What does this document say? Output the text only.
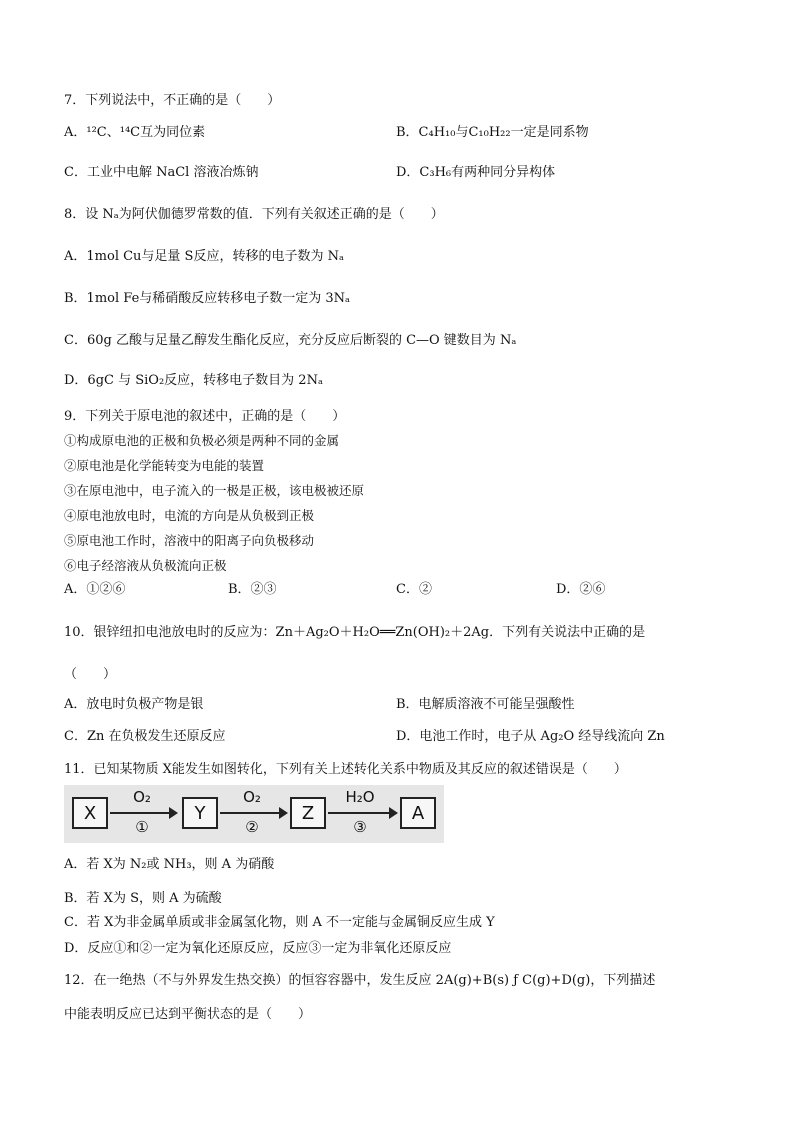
7．下列说法中，不正确的是（　　）
A．¹²C、¹⁴C互为同位素	B．C₄H₁₀与C₁₀H₂₂一定是同系物
C．工业中电解 NaCl 溶液冶炼钠	D．C₃H₆有两种同分异构体
8．设 Nₐ为阿伏伽德罗常数的值．下列有关叙述正确的是（　　）
A．1mol Cu与足量 S反应，转移的电子数为 Nₐ
B．1mol Fe与稀硝酸反应转移电子数一定为 3Nₐ
C．60g 乙酸与足量乙醇发生酯化反应，充分反应后断裂的 C—O 键数目为 Nₐ
D．6gC 与 SiO₂反应，转移电子数目为 2Nₐ
9．下列关于原电池的叙述中，正确的是（　　）
①构成原电池的正极和负极必须是两种不同的金属
②原电池是化学能转变为电能的装置
③在原电池中，电子流入的一极是正极，该电极被还原
④原电池放电时，电流的方向是从负极到正极
⑤原电池工作时，溶液中的阳离子向负极移动
⑥电子经溶液从负极流向正极
A．①②⑥	B．②③	C．②	D．②⑥
10．银锌纽扣电池放电时的反应为：Zn＋Ag₂O＋H₂O══Zn(OH)₂＋2Ag．下列有关说法中正确的是
（　　）
A．放电时负极产物是银	B．电解质溶液不可能呈强酸性
C．Zn 在负极发生还原反应	D．电池工作时，电子从 Ag₂O 经导线流向 Zn
11．已知某物质 X能发生如图转化，下列有关上述转化关系中物质及其反应的叙述错误是（　　）
X
O₂
①
Y
O₂
②
Z
H₂O
③
A
A．若 X为 N₂或 NH₃，则 A 为硝酸
B．若 X为 S，则 A 为硫酸
C．若 X为非金属单质或非金属氢化物，则 A 不一定能与金属铜反应生成 Y
D．反应①和②一定为氧化还原反应，反应③一定为非氧化还原反应
12．在一绝热（不与外界发生热交换）的恒容容器中，发生反应 2A(g)+B(s) ƒ C(g)+D(g)，下列描述
中能表明反应已达到平衡状态的是（　　）
